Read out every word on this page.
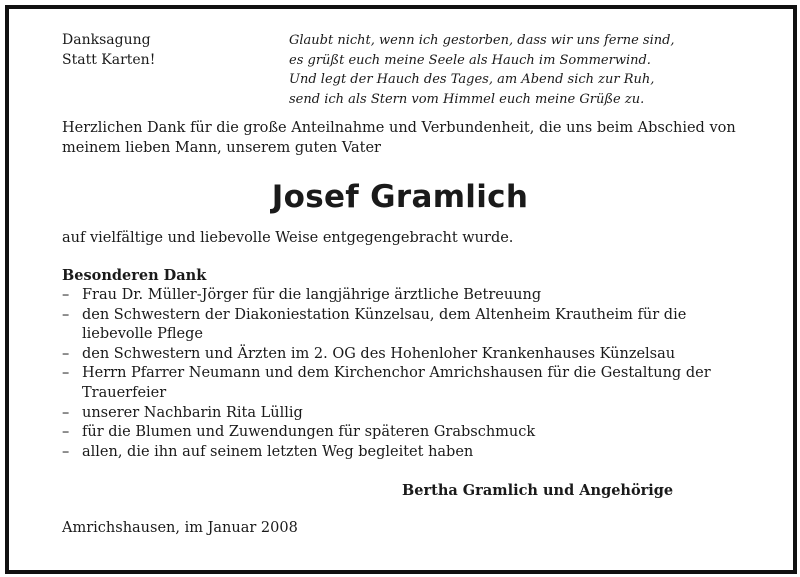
Danksagung
Statt Karten!
Glaubt nicht, wenn ich gestorben, dass wir uns ferne sind,
es grüßt euch meine Seele als Hauch im Sommerwind.
Und legt der Hauch des Tages, am Abend sich zur Ruh,
send ich als Stern vom Himmel euch meine Grüße zu.
Herzlichen Dank für die große Anteilnahme und Verbundenheit, die uns beim Abschied von meinem lieben Mann, unserem guten Vater
Josef Gramlich
auf vielfältige und liebevolle Weise entgegengebracht wurde.
Besonderen Dank
– Frau Dr. Müller-Jörger für die langjährige ärztliche Betreuung
– den Schwestern der Diakoniestation Künzelsau, dem Altenheim Krautheim für die liebevolle Pflege
– den Schwestern und Ärzten im 2. OG des Hohenloher Krankenhauses Künzelsau
– Herrn Pfarrer Neumann und dem Kirchenchor Amrichshausen für die Gestaltung der Trauerfeier
– unserer Nachbarin Rita Lüllig
– für die Blumen und Zuwendungen für späteren Grabschmuck
– allen, die ihn auf seinem letzten Weg begleitet haben
Bertha Gramlich und Angehörige
Amrichshausen, im Januar 2008
